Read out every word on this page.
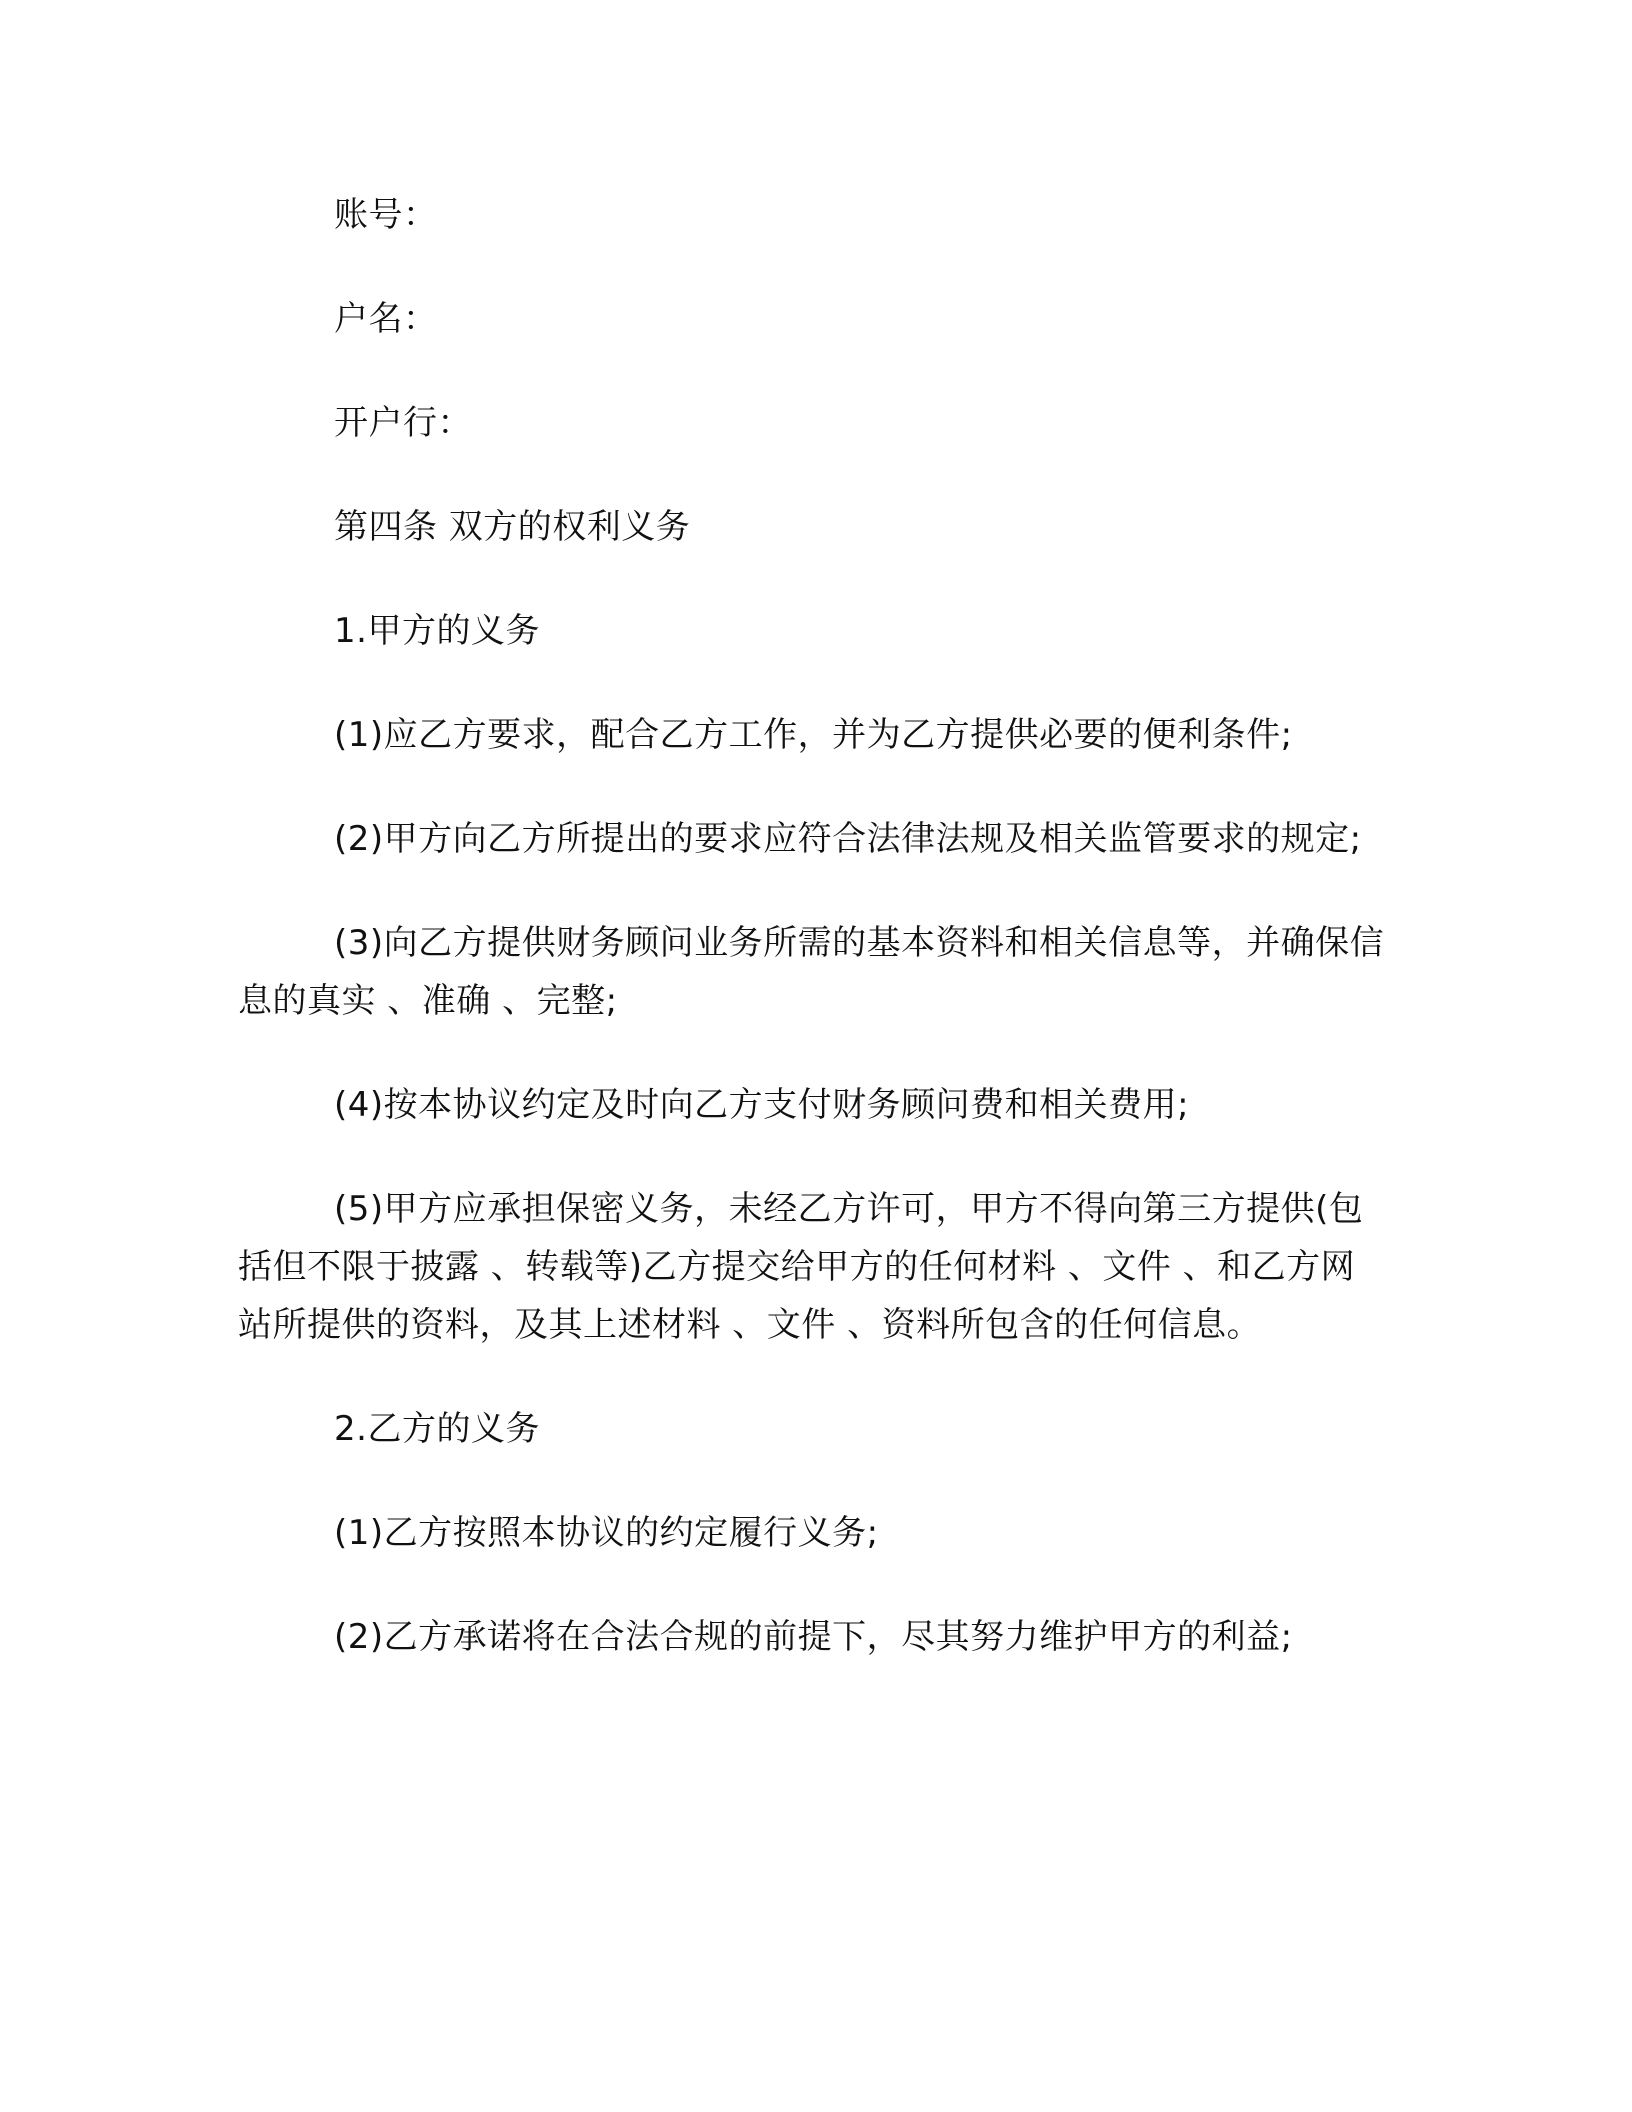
账号：

户名：

开户行：

第四条 双方的权利义务

1.甲方的义务

(1)应乙方要求，配合乙方工作，并为乙方提供必要的便利条件;

(2)甲方向乙方所提出的要求应符合法律法规及相关监管要求的规定;

(3)向乙方提供财务顾问业务所需的基本资料和相关信息等，并确保信息的真实 、准确 、完整;

(4)按本协议约定及时向乙方支付财务顾问费和相关费用;

(5)甲方应承担保密义务，未经乙方许可，甲方不得向第三方提供(包括但不限于披露 、转载等)乙方提交给甲方的任何材料 、文件 、和乙方网站所提供的资料，及其上述材料 、文件 、资料所包含的任何信息。

2.乙方的义务

(1)乙方按照本协议的约定履行义务;

(2)乙方承诺将在合法合规的前提下，尽其努力维护甲方的利益;
